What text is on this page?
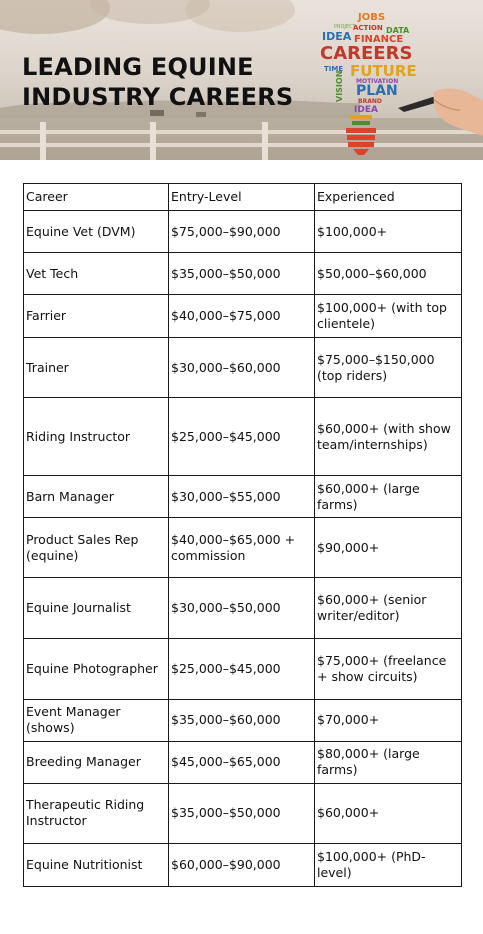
LEADING EQUINE
INDUSTRY CAREERS
JOBS
PROJECT
ACTION
IDEA	DATA
FINANCE
CAREERS
TIME FUTURE
MOTIVATION
VISION PLAN
BRAND
IDEA
Career	Entry-Level	Experienced
Equine Vet (DVM)	$75,000–$90,000	$100,000+
Vet Tech	$35,000–$50,000	$50,000–$60,000
Farrier	$40,000–$75,000	$100,000+ (with top clientele)
Trainer	$30,000–$60,000	$75,000–$150,000 (top riders)
Riding Instructor	$25,000–$45,000	$60,000+ (with show team/internships)
Barn Manager	$30,000–$55,000	$60,000+ (large farms)
Product Sales Rep (equine)	$40,000–$65,000 + commission	$90,000+
Equine Journalist	$30,000–$50,000	$60,000+ (senior writer/editor)
Equine Photographer	$25,000–$45,000	$75,000+ (freelance + show circuits)
Event Manager (shows)	$35,000–$60,000	$70,000+
Breeding Manager	$45,000–$65,000	$80,000+ (large farms)
Therapeutic Riding Instructor	$35,000–$50,000	$60,000+
Equine Nutritionist	$60,000–$90,000	$100,000+ (PhD-level)
